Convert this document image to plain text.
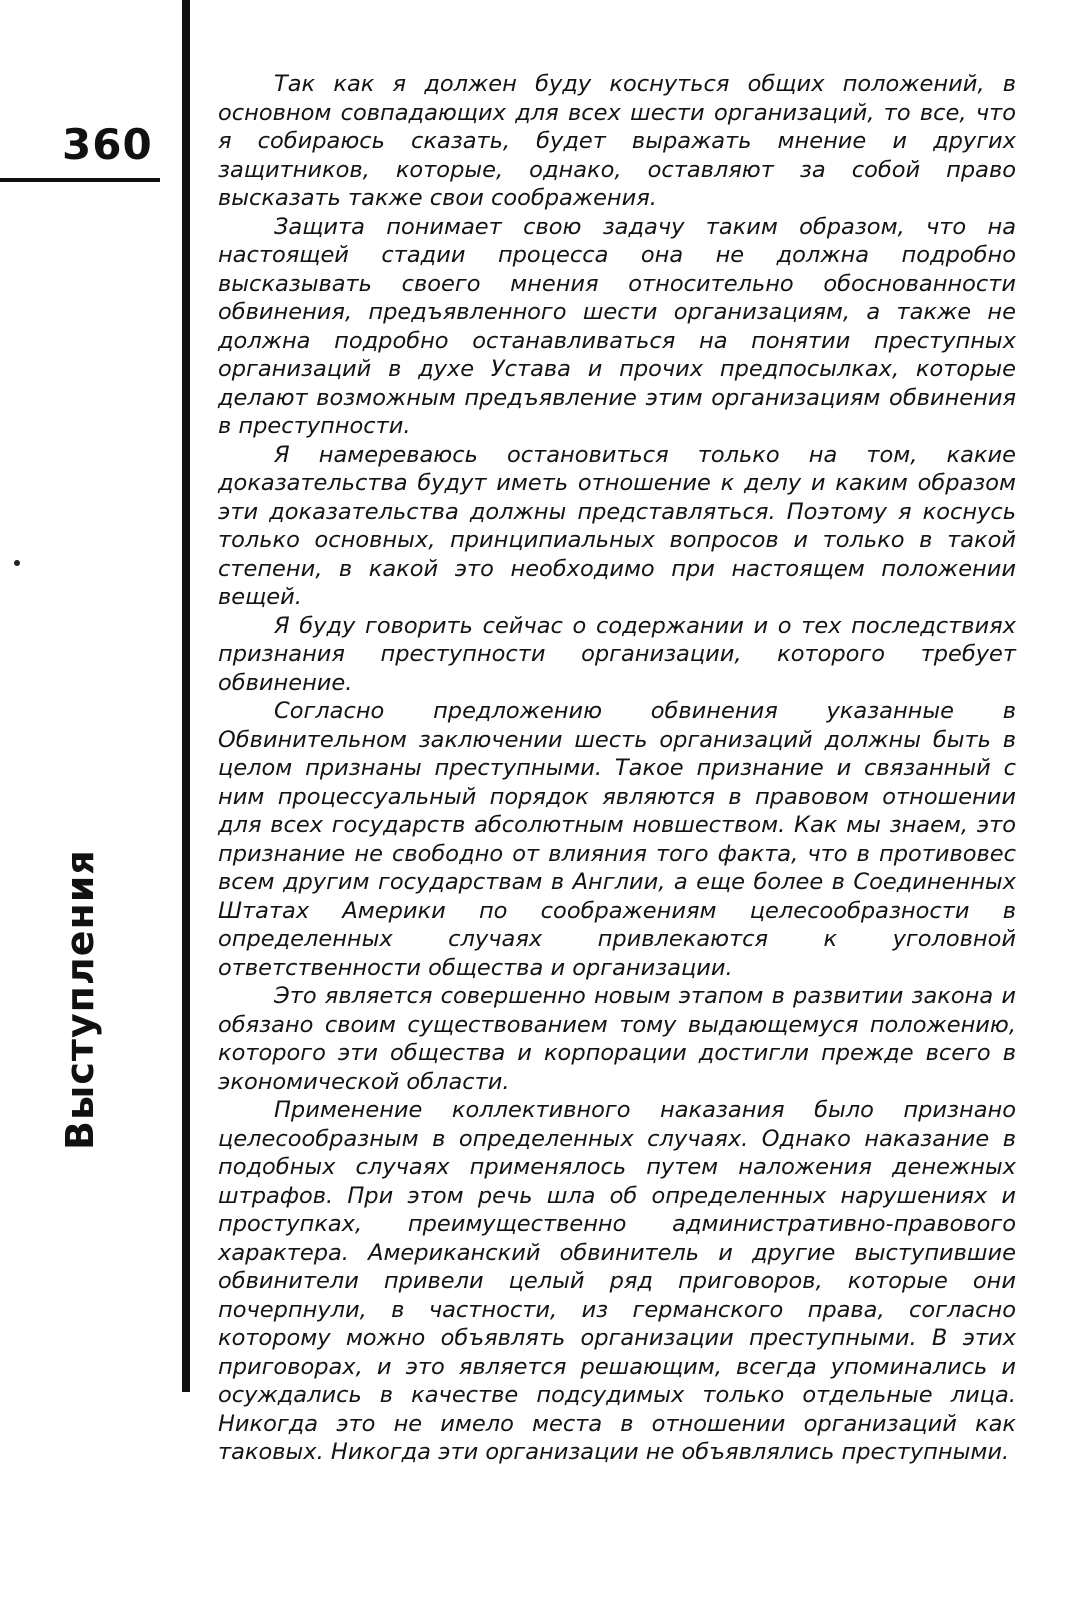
360
Выступления

Так как я должен буду коснуться общих положений, в основном совпадающих для всех шести организаций, то все, что я собираюсь сказать, будет выражать мнение и других защитников, которые, однако, оставляют за собой право высказать также свои соображения.

Защита понимает свою задачу таким образом, что на настоящей стадии процесса она не должна подробно высказывать своего мнения относительно обоснованности обвинения, предъявленного шести организациям, а также не должна подробно останавливаться на понятии преступных организаций в духе Устава и прочих предпосылках, которые делают возможным предъявление этим организациям обвинения в преступности.

Я намереваюсь остановиться только на том, какие доказательства будут иметь отношение к делу и каким образом эти доказательства должны представляться. Поэтому я коснусь только основных, принципиальных вопросов и только в такой степени, в какой это необходимо при настоящем положении вещей.

Я буду говорить сейчас о содержании и о тех последствиях признания преступности организации, которого требует обвинение.

Согласно предложению обвинения указанные в Обвинительном заключении шесть организаций должны быть в целом признаны преступными. Такое признание и связанный с ним процессуальный порядок являются в правовом отношении для всех государств абсолютным новшеством. Как мы знаем, это признание не свободно от влияния того факта, что в противовес всем другим государствам в Англии, а еще более в Соединенных Штатах Америки по соображениям целесообразности в определенных случаях привлекаются к уголовной ответственности общества и организации.

Это является совершенно новым этапом в развитии закона и обязано своим существованием тому выдающемуся положению, которого эти общества и корпорации достигли прежде всего в экономической области.

Применение коллективного наказания было признано целесообразным в определенных случаях. Однако наказание в подобных случаях применялось путем наложения денежных штрафов. При этом речь шла об определенных нарушениях и проступках, преимущественно административно-правового характера. Американский обвинитель и другие выступившие обвинители привели целый ряд приговоров, которые они почерпнули, в частности, из германского права, согласно которому можно объявлять организации преступными. В этих приговорах, и это является решающим, всегда упоминались и осуждались в качестве подсудимых только отдельные лица. Никогда это не имело места в отношении организаций как таковых. Никогда эти организации не объявлялись преступными.
